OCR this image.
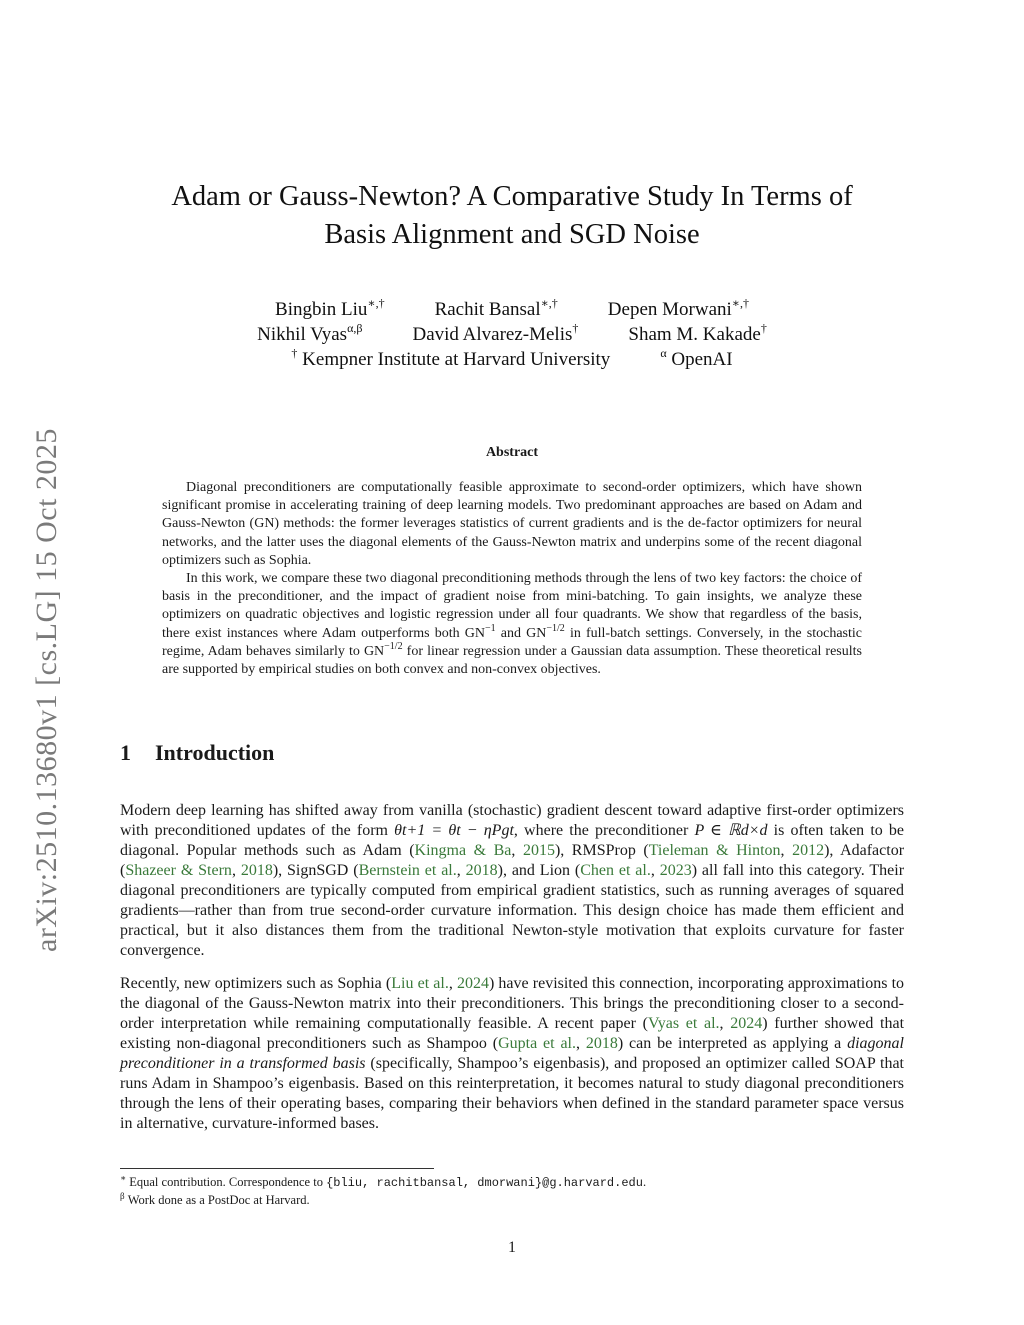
arXiv:2510.13680v1 [cs.LG] 15 Oct 2025
Adam or Gauss-Newton? A Comparative Study In Terms of
Basis Alignment and SGD Noise
Bingbin Liu∗,†	Rachit Bansal∗,†	Depen Morwani∗,†
Nikhil Vyas$^{\alpha,\beta}$	David Alvarez-Melis†	Sham M. Kakade†
† Kempner Institute at Harvard University	$^\alpha$ OpenAI
Abstract

Diagonal preconditioners are computationally feasible approximate to second-order optimizers, which have shown significant promise in accelerating training of deep learning models. Two predominant approaches are based on Adam and Gauss-Newton (GN) methods: the former leverages statistics of current gradients and is the de-factor optimizers for neural networks, and the latter uses the diagonal elements of the Gauss-Newton matrix and underpins some of the recent diagonal optimizers such as Sophia.

In this work, we compare these two diagonal preconditioning methods through the lens of two key factors: the choice of basis in the preconditioner, and the impact of gradient noise from mini-batching. To gain insights, we analyze these optimizers on quadratic objectives and logistic regression under all four quadrants. We show that regardless of the basis, there exist instances where Adam outperforms both $GN^{-1}$ and $GN^{-1/2}$ in full-batch settings. Conversely, in the stochastic regime, Adam behaves similarly to $GN^{-1/2}$ for linear regression under a Gaussian data assumption. These theoretical results are supported by empirical studies on both convex and non-convex objectives.

1 Introduction

Modern deep learning has shifted away from vanilla (stochastic) gradient descent toward adaptive first-order optimizers with preconditioned updates of the form θt+1 = θt − ηPgt, where the preconditioner P ∈ ℝd×d is often taken to be diagonal. Popular methods such as Adam (Kingma & Ba, 2015), RMSProp (Tieleman & Hinton, 2012), Adafactor (Shazeer & Stern, 2018), SignSGD (Bernstein et al., 2018), and Lion (Chen et al., 2023) all fall into this category. Their diagonal preconditioners are typically computed from empirical gradient statistics, such as running averages of squared gradients—rather than from true second-order curvature information. This design choice has made them efficient and practical, but it also distances them from the traditional Newton-style motivation that exploits curvature for faster convergence.

Recently, new optimizers such as Sophia (Liu et al., 2024) have revisited this connection, incorporating approximations to the diagonal of the Gauss-Newton matrix into their preconditioners. This brings the preconditioning closer to a second-order interpretation while remaining computationally feasible. A recent paper (Vyas et al., 2024) further showed that existing non-diagonal preconditioners such as Shampoo (Gupta et al., 2018) can be interpreted as applying a diagonal preconditioner in a transformed basis (specifically, Shampoo’s eigenbasis), and proposed an optimizer called SOAP that runs Adam in Shampoo’s eigenbasis. Based on this reinterpretation, it becomes natural to study diagonal preconditioners through the lens of their operating bases, comparing their behaviors when defined in the standard parameter space versus in alternative, curvature-informed bases.

∗ Equal contribution. Correspondence to {bliu, rachitbansal, dmorwani}@g.harvard.edu.
$^\beta$ Work done as a PostDoc at Harvard.
1
